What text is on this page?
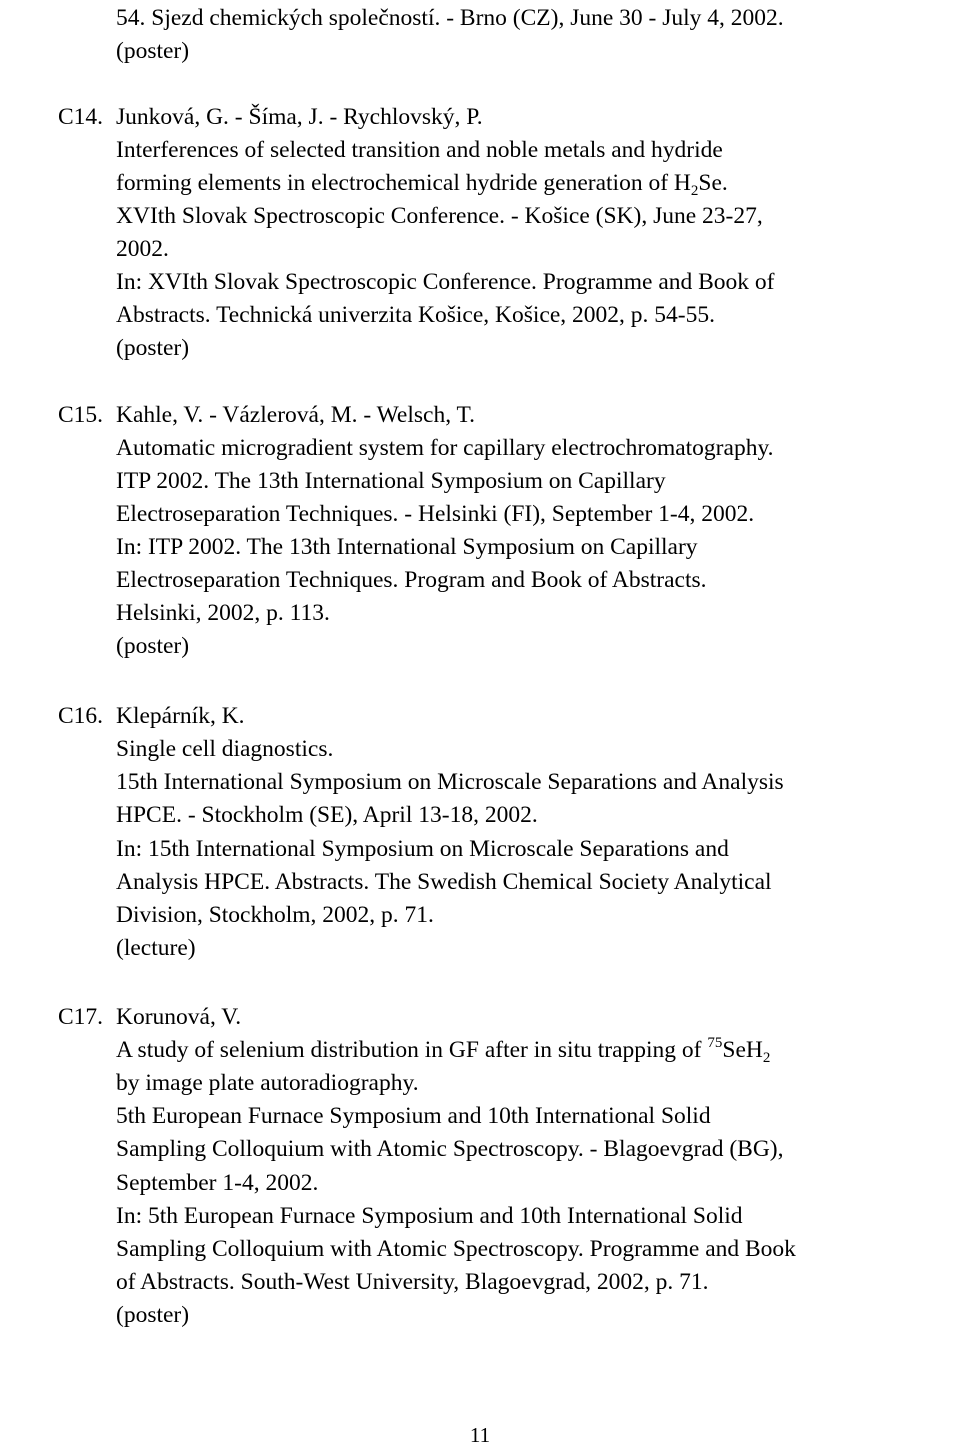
54. Sjezd chemických společností. - Brno (CZ), June 30 - July 4, 2002.
(poster)
C14. Junková, G. - Šíma, J. - Rychlovský, P.
Interferences of selected transition and noble metals and hydride
forming elements in electrochemical hydride generation of $H_2Se$.
XVIth Slovak Spectroscopic Conference. - Košice (SK), June 23-27,
2002.
In: XVIth Slovak Spectroscopic Conference. Programme and Book of
Abstracts. Technická univerzita Košice, Košice, 2002, p. 54-55.
(poster)
C15. Kahle, V. - Vázlerová, M. - Welsch, T.
Automatic microgradient system for capillary electrochromatography.
ITP 2002. The 13th International Symposium on Capillary
Electroseparation Techniques. - Helsinki (FI), September 1-4, 2002.
In: ITP 2002. The 13th International Symposium on Capillary
Electroseparation Techniques. Program and Book of Abstracts.
Helsinki, 2002, p. 113.
(poster)
C16. Klepárník, K.
Single cell diagnostics.
15th International Symposium on Microscale Separations and Analysis
HPCE. - Stockholm (SE), April 13-18, 2002.
In: 15th International Symposium on Microscale Separations and
Analysis HPCE. Abstracts. The Swedish Chemical Society Analytical
Division, Stockholm, 2002, p. 71.
(lecture)
C17. Korunová, V.
A study of selenium distribution in GF after in situ trapping of $^{75}$SeH$_2$
by image plate autoradiography.
5th European Furnace Symposium and 10th International Solid
Sampling Colloquium with Atomic Spectroscopy. - Blagoevgrad (BG),
September 1-4, 2002.
In: 5th European Furnace Symposium and 10th International Solid
Sampling Colloquium with Atomic Spectroscopy. Programme and Book
of Abstracts. South-West University, Blagoevgrad, 2002, p. 71.
(poster)
11
